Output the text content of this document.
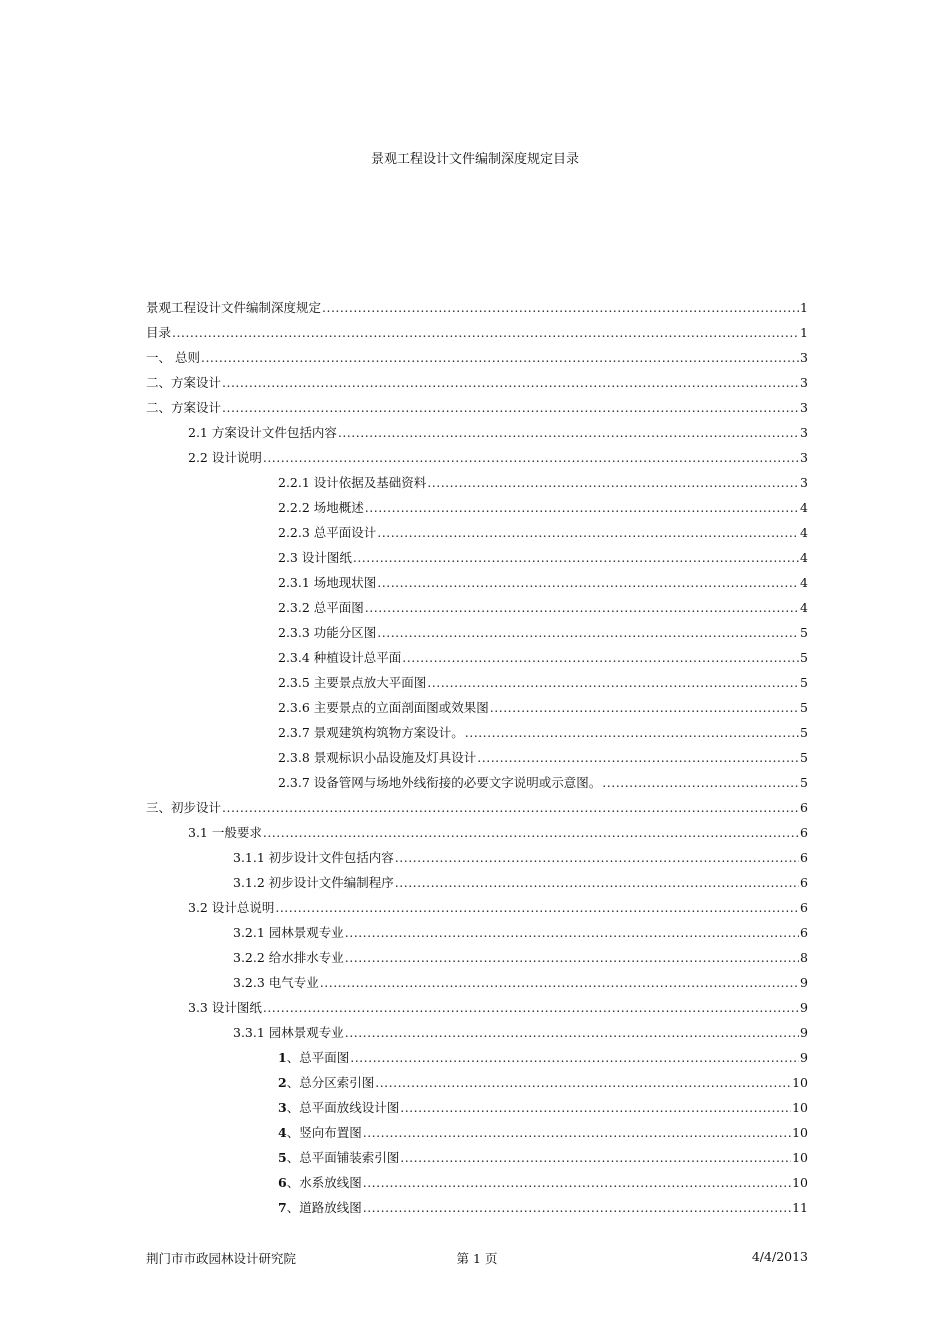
景观工程设计文件编制深度规定目录
景观工程设计文件编制深度规定 .....	1
目录 .....	1
一、 总则 .....	3
二、方案设计 .....	3
二、方案设计 .....	3
2.1 方案设计文件包括内容 .....	3
2.2 设计说明 .....	3
2.2.1 设计依据及基础资料 .....	3
2.2.2 场地概述 .....	4
2.2.3 总平面设计 .....	4
2.3 设计图纸 .....	4
2.3.1 场地现状图 .....	4
2.3.2 总平面图 .....	4
2.3.3 功能分区图 .....	5
2.3.4 种植设计总平面 .....	5
2.3.5 主要景点放大平面图 .....	5
2.3.6 主要景点的立面剖面图或效果图 .....	5
2.3.7 景观建筑构筑物方案设计。 .....	5
2.3.8 景观标识小品设施及灯具设计 .....	5
2.3.7 设备管网与场地外线衔接的必要文字说明或示意图。 .....	5
三、初步设计 .....	6
3.1 一般要求 .....	6
3.1.1 初步设计文件包括内容 .....	6
3.1.2 初步设计文件编制程序 .....	6
3.2 设计总说明 .....	6
3.2.1 园林景观专业 .....	6
3.2.2 给水排水专业 .....	8
3.2.3 电气专业 .....	9
3.3 设计图纸 .....	9
3.3.1 园林景观专业 .....	9
1、总平面图 .....	9
2、总分区索引图 .....	10
3、总平面放线设计图 .....	10
4、竖向布置图 .....	10
5、总平面铺装索引图 .....	10
6、水系放线图 .....	10
7、道路放线图 .....	11
荆门市市政园林设计研究院	第 1 页	4/4/2013
